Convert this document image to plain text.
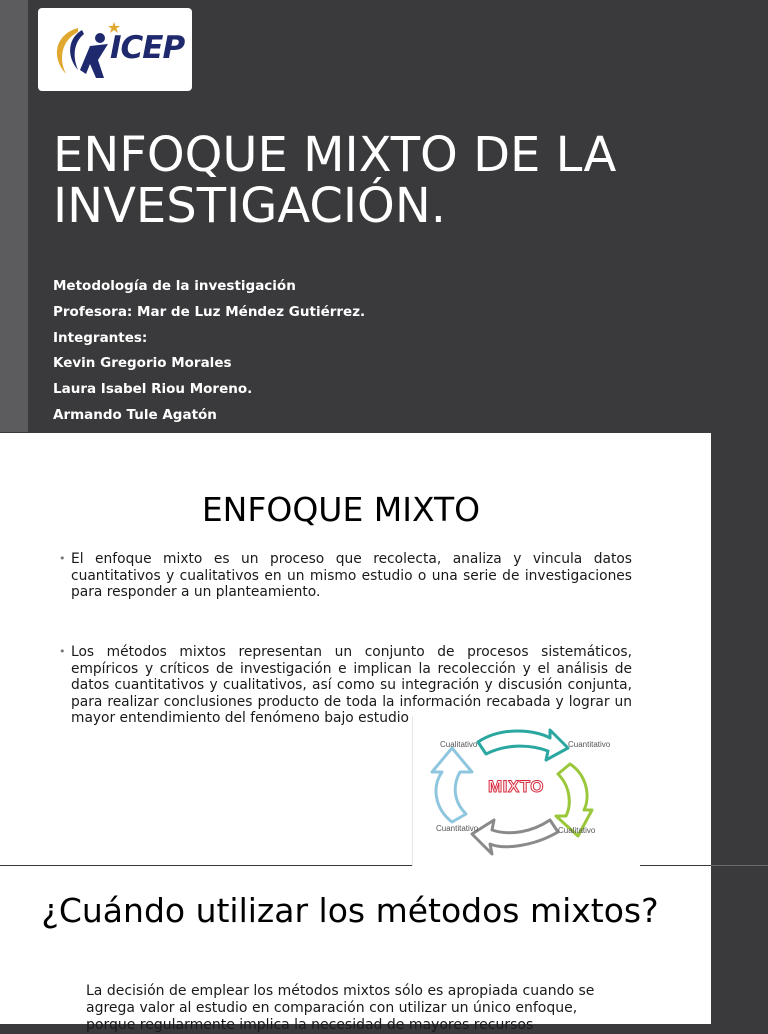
ICEP
ENFOQUE MIXTO DE LA INVESTIGACIÓN.
Metodología de la investigación
Profesora: Mar de Luz Méndez Gutiérrez.
Integrantes:
Kevin Gregorio Morales
Laura Isabel Riou Moreno.
Armando Tule Agatón
ENFOQUE MIXTO
• El enfoque mixto es un proceso que recolecta, analiza y vincula datos cuantitativos y cualitativos en un mismo estudio o una serie de investigaciones para responder a un planteamiento.

• Los métodos mixtos representan un conjunto de procesos sistemáticos, empíricos y críticos de investigación e implican la recolección y el análisis de datos cuantitativos y cualitativos, así como su integración y discusión conjunta, para realizar conclusiones producto de toda la información recabada y lograr un mayor entendimiento del fenómeno bajo estudio

Cualitativo	Cuantitativo
Cuantitativo	Cualitativo
MIXTO
¿Cuándo utilizar los métodos mixtos?

La decisión de emplear los métodos mixtos sólo es apropiada cuando se agrega valor al estudio en comparación con utilizar un único enfoque, porque regularmente implica la necesidad de mayores recursos
